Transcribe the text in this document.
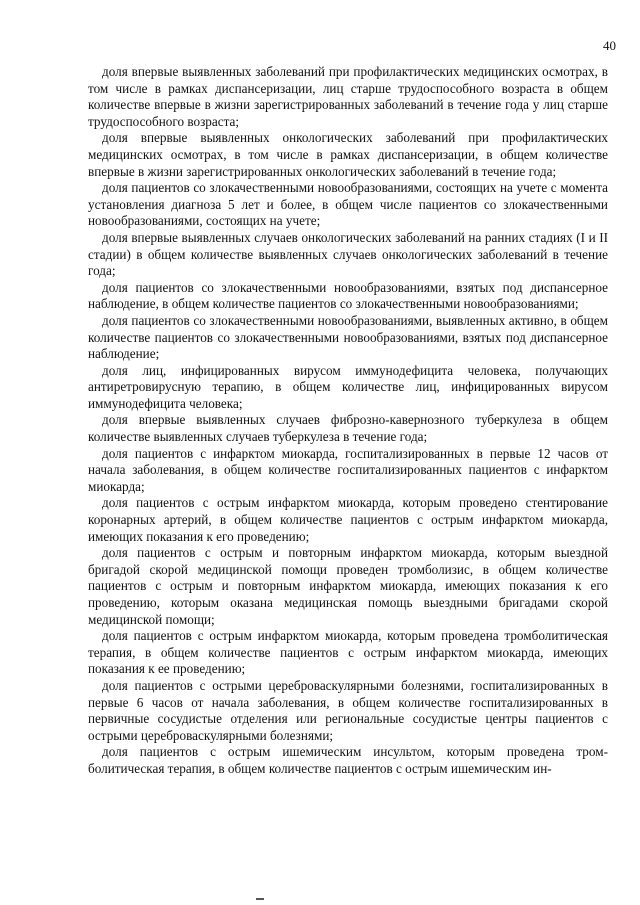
40

доля впервые выявленных заболеваний при профилактических медицинских осмотрах, в том числе в рамках диспансеризации, лиц старше трудоспособного возраста в общем количестве впервые в жизни зарегистрированных заболеваний в течение года у лиц старше трудоспособного возраста;

доля впервые выявленных онкологических заболеваний при профилактических медицинских осмотрах, в том числе в рамках диспансеризации, в общем количестве впервые в жизни зарегистрированных онкологических заболеваний в течение года;

доля пациентов со злокачественными новообразованиями, состоящих на учете с момента установления диагноза 5 лет и более, в общем числе пациентов со злокачественными новообразованиями, состоящих на учете;

доля впервые выявленных случаев онкологических заболеваний на ранних стадиях (I и II стадии) в общем количестве выявленных случаев онкологических заболеваний в течение года;

доля пациентов со злокачественными новообразованиями, взятых под диспансерное наблюдение, в общем количестве пациентов со злокачественными новообразованиями;

доля пациентов со злокачественными новообразованиями, выявленных активно, в общем количестве пациентов со злокачественными новообразованиями, взятых под диспансерное наблюдение;

доля лиц, инфицированных вирусом иммунодефицита человека, получающих антиретровирусную терапию, в общем количестве лиц, инфицированных вирусом иммунодефицита человека;

доля впервые выявленных случаев фиброзно-кавернозного туберкулеза в общем количестве выявленных случаев туберкулеза в течение года;

доля пациентов с инфарктом миокарда, госпитализированных в первые 12 часов от начала заболевания, в общем количестве госпитализированных пациентов с инфарктом миокарда;

доля пациентов с острым инфарктом миокарда, которым проведено стентирование коронарных артерий, в общем количестве пациентов с острым инфарктом миокарда, имеющих показания к его проведению;

доля пациентов с острым и повторным инфарктом миокарда, которым выездной бригадой скорой медицинской помощи проведен тромболизис, в общем количестве пациентов с острым и повторным инфарктом миокарда, имеющих показания к его проведению, которым оказана медицинская помощь выездными бригадами скорой медицинской помощи;

доля пациентов с острым инфарктом миокарда, которым проведена тромболитическая терапия, в общем количестве пациентов с острым инфарктом миокарда, имеющих показания к ее проведению;

доля пациентов с острыми цереброваскулярными болезнями, госпитализированных в первые 6 часов от начала заболевания, в общем количестве госпитализированных в первичные сосудистые отделения или региональные сосудистые центры пациентов с острыми цереброваскулярными болезнями;

доля пациентов с острым ишемическим инсультом, которым проведена тромболитическая терапия, в общем количестве пациентов с острым ишемическим ин-
